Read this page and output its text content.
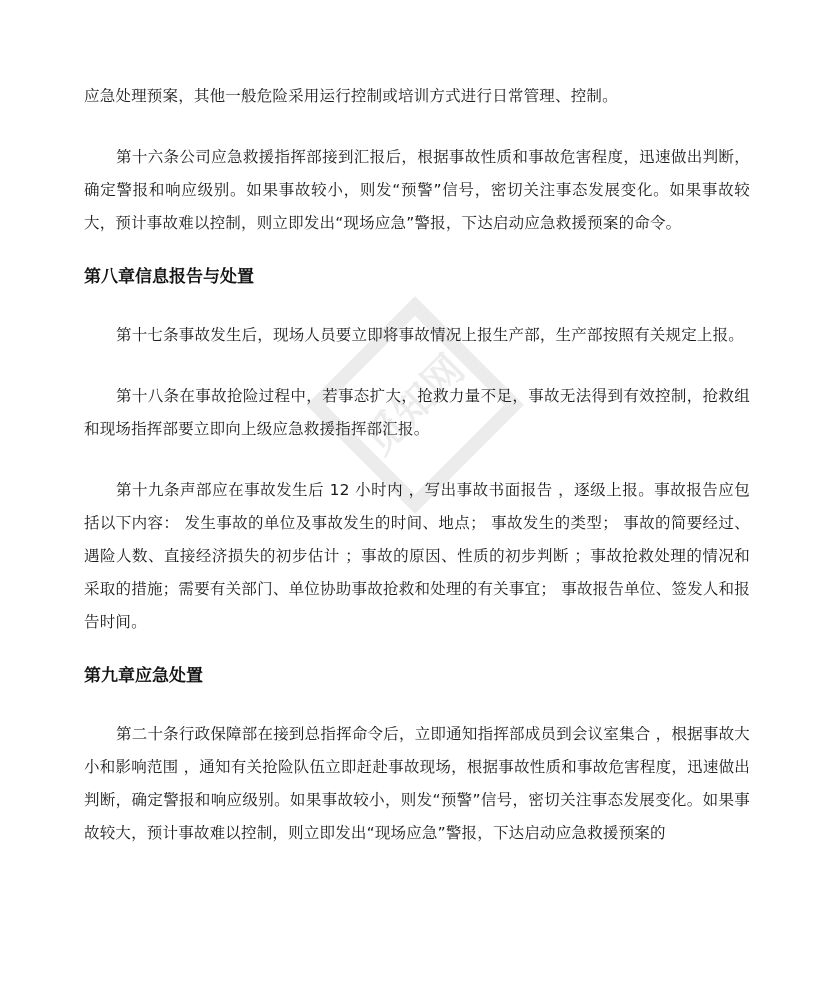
觅知网

应急处理预案，其他一般危险采用运行控制或培训方式进行日常管理、控制。

第十六条公司应急救援指挥部接到汇报后，根据事故性质和事故危害程度，迅速做出判断，确定警报和响应级别。如果事故较小，则发“预警”信号，密切关注事态发展变化。如果事故较大，预计事故难以控制，则立即发出“现场应急”警报，下达启动应急救援预案的命令。

第八章信息报告与处置

第十七条事故发生后，现场人员要立即将事故情况上报生产部，生产部按照有关规定上报。

第十八条在事故抢险过程中，若事态扩大，抢救力量不足，事故无法得到有效控制，抢救组和现场指挥部要立即向上级应急救援指挥部汇报。

第十九条声部应在事故发生后 12 小时内 ，写出事故书面报告 ，逐级上报。事故报告应包括以下内容： 发生事故的单位及事故发生的时间、地点； 事故发生的类型； 事故的简要经过、 遇险人数、直接经济损失的初步估计 ；事故的原因、性质的初步判断 ；事故抢救处理的情况和采取的措施；需要有关部门、单位协助事故抢救和处理的有关事宜； 事故报告单位、签发人和报告时间。

第九章应急处置

第二十条行政保障部在接到总指挥命令后，立即通知指挥部成员到会议室集合 ，根据事故大小和影响范围 ，通知有关抢险队伍立即赶赴事故现场，根据事故性质和事故危害程度，迅速做出判断，确定警报和响应级别。如果事故较小，则发“预警”信号，密切关注事态发展变化。如果事故较大，预计事故难以控制，则立即发出“现场应急”警报，下达启动应急救援预案的
